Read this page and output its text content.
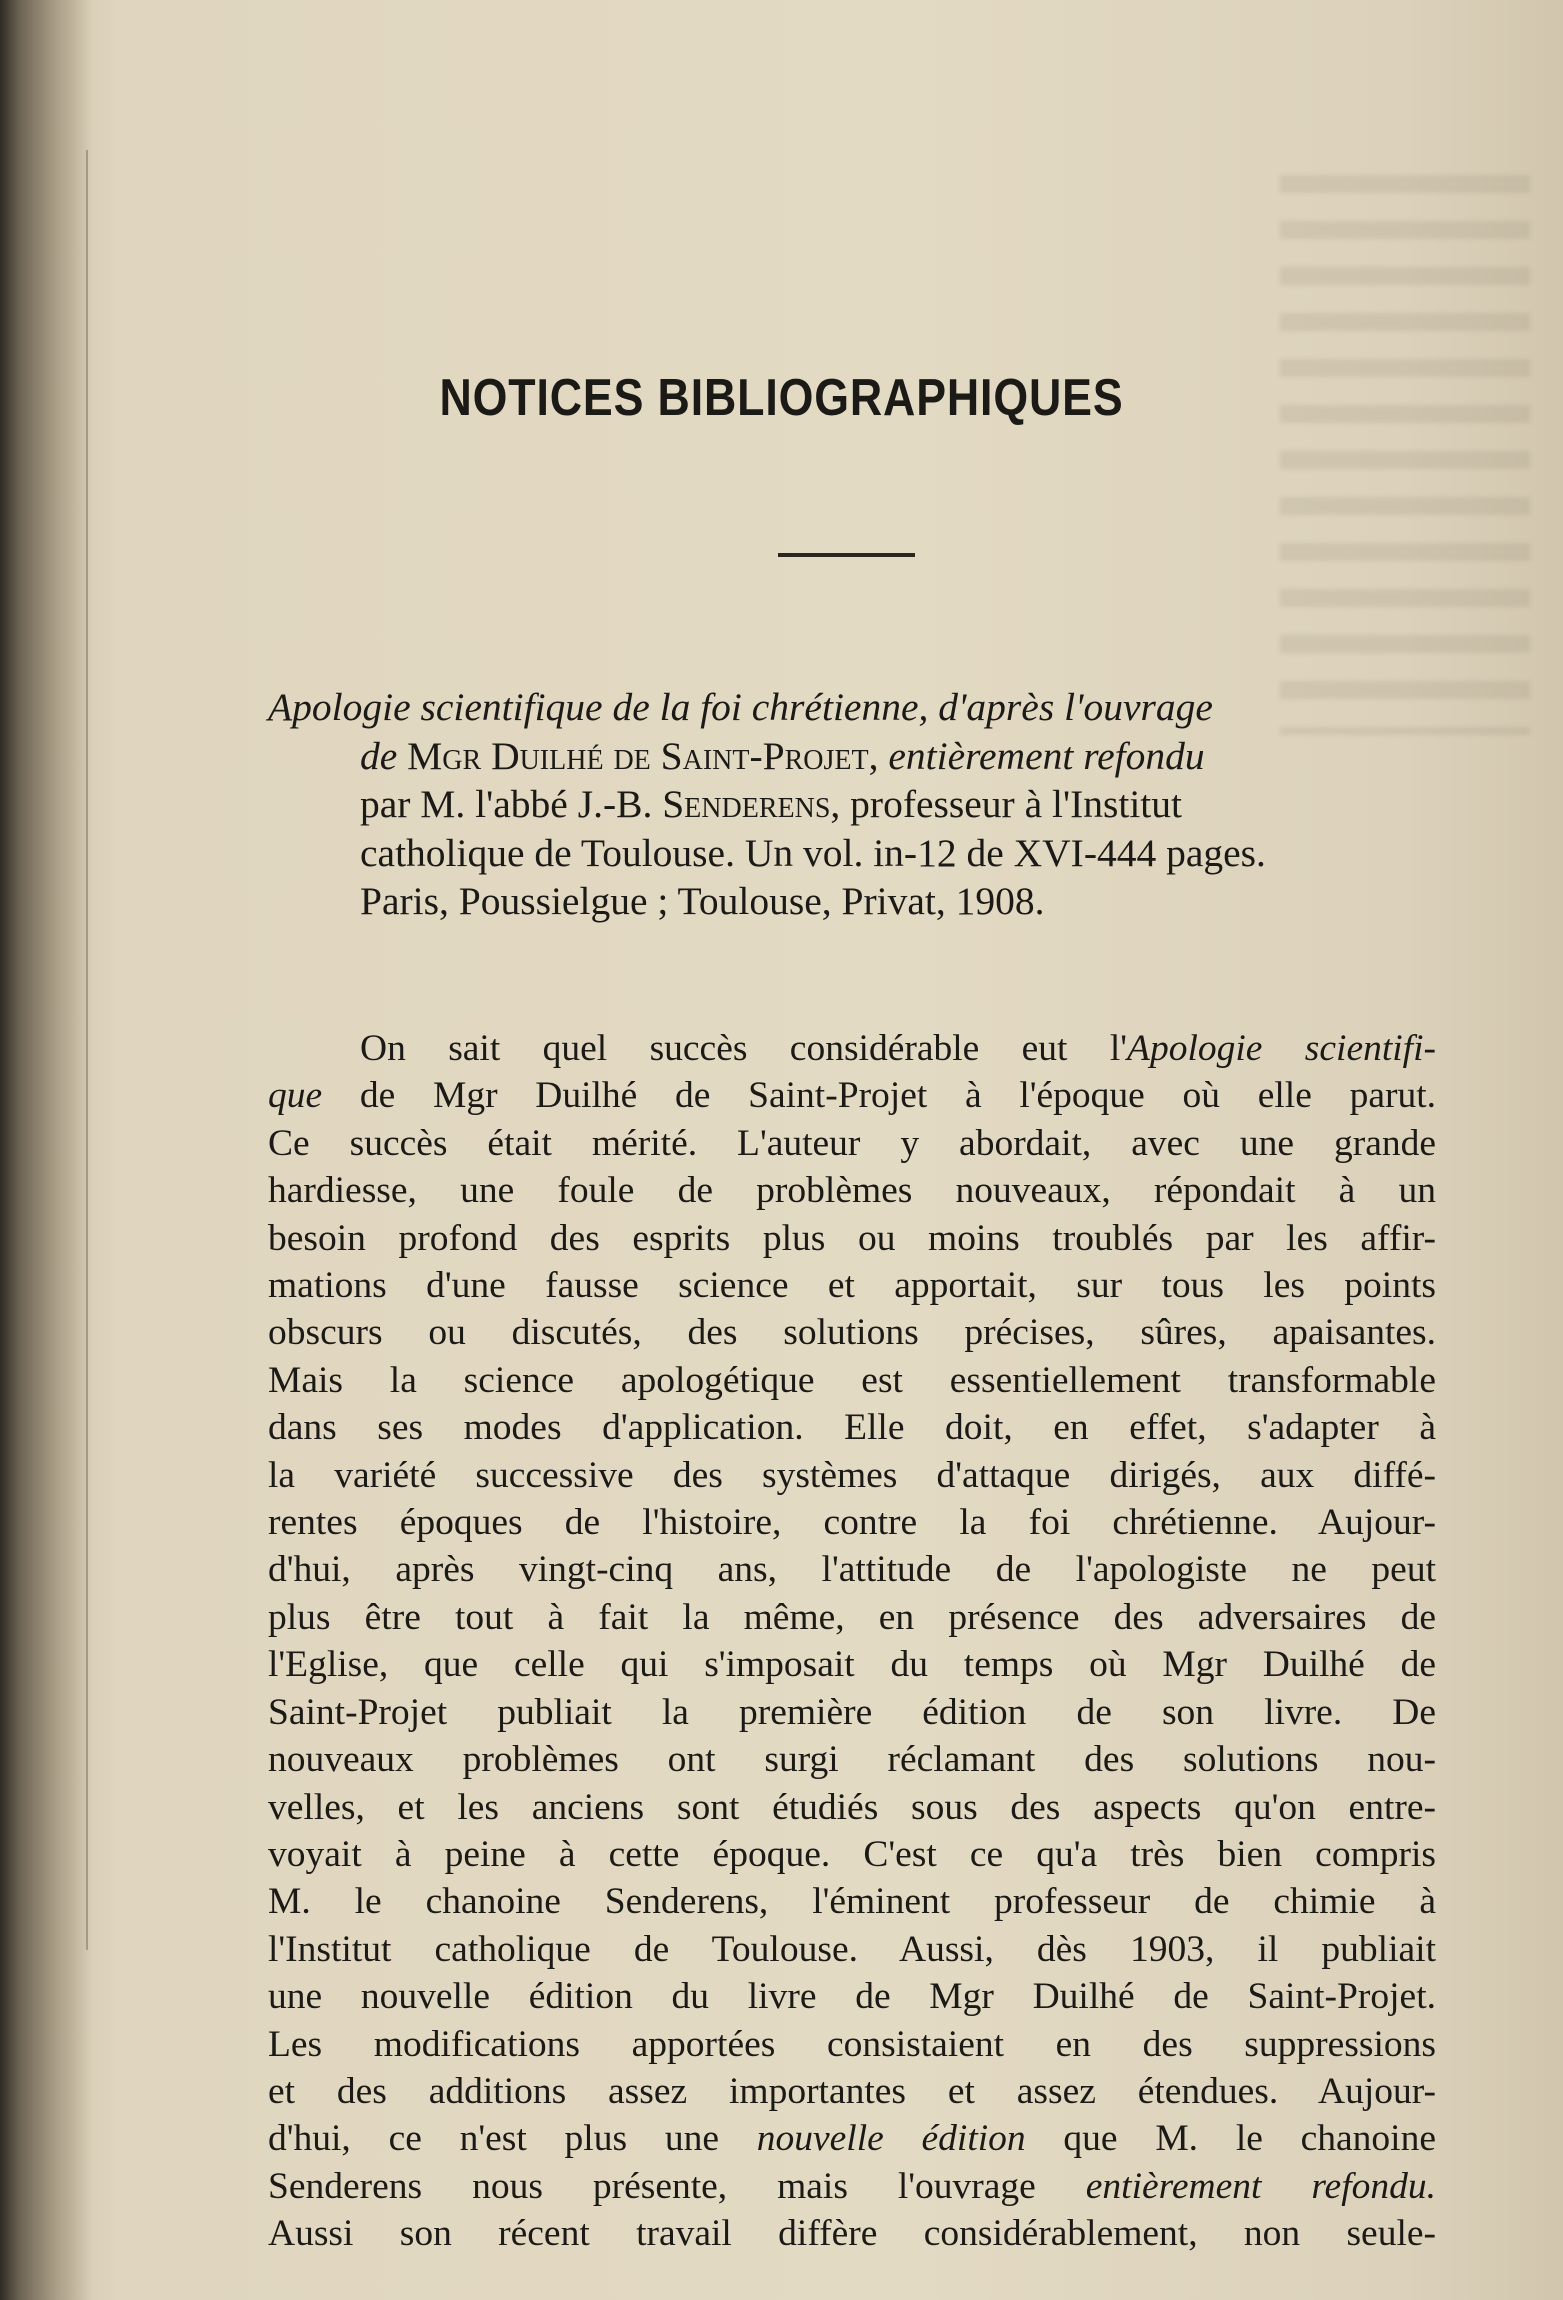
NOTICES BIBLIOGRAPHIQUES
Apologie scientifique de la foi chrétienne, d'après l'ouvrage
de Mgr Duilhé de Saint-Projet, entièrement refondu
par M. l'abbé J.-B. Senderens, professeur à l'Institut
catholique de Toulouse. Un vol. in-12 de XVI-444 pages.
Paris, Poussielgue ; Toulouse, Privat, 1908.
On sait quel succès considérable eut l'Apologie scientifi-
que de Mgr Duilhé de Saint-Projet à l'époque où elle parut.
Ce succès était mérité. L'auteur y abordait, avec une grande
hardiesse, une foule de problèmes nouveaux, répondait à un
besoin profond des esprits plus ou moins troublés par les affir-
mations d'une fausse science et apportait, sur tous les points
obscurs ou discutés, des solutions précises, sûres, apaisantes.
Mais la science apologétique est essentiellement transformable
dans ses modes d'application. Elle doit, en effet, s'adapter à
la variété successive des systèmes d'attaque dirigés, aux diffé-
rentes époques de l'histoire, contre la foi chrétienne. Aujour-
d'hui, après vingt-cinq ans, l'attitude de l'apologiste ne peut
plus être tout à fait la même, en présence des adversaires de
l'Eglise, que celle qui s'imposait du temps où Mgr Duilhé de
Saint-Projet publiait la première édition de son livre. De
nouveaux problèmes ont surgi réclamant des solutions nou-
velles, et les anciens sont étudiés sous des aspects qu'on entre-
voyait à peine à cette époque. C'est ce qu'a très bien compris
M. le chanoine Senderens, l'éminent professeur de chimie à
l'Institut catholique de Toulouse. Aussi, dès 1903, il publiait
une nouvelle édition du livre de Mgr Duilhé de Saint-Projet.
Les modifications apportées consistaient en des suppressions
et des additions assez importantes et assez étendues. Aujour-
d'hui, ce n'est plus une nouvelle édition que M. le chanoine
Senderens nous présente, mais l'ouvrage entièrement refondu.
Aussi son récent travail diffère considérablement, non seule-
